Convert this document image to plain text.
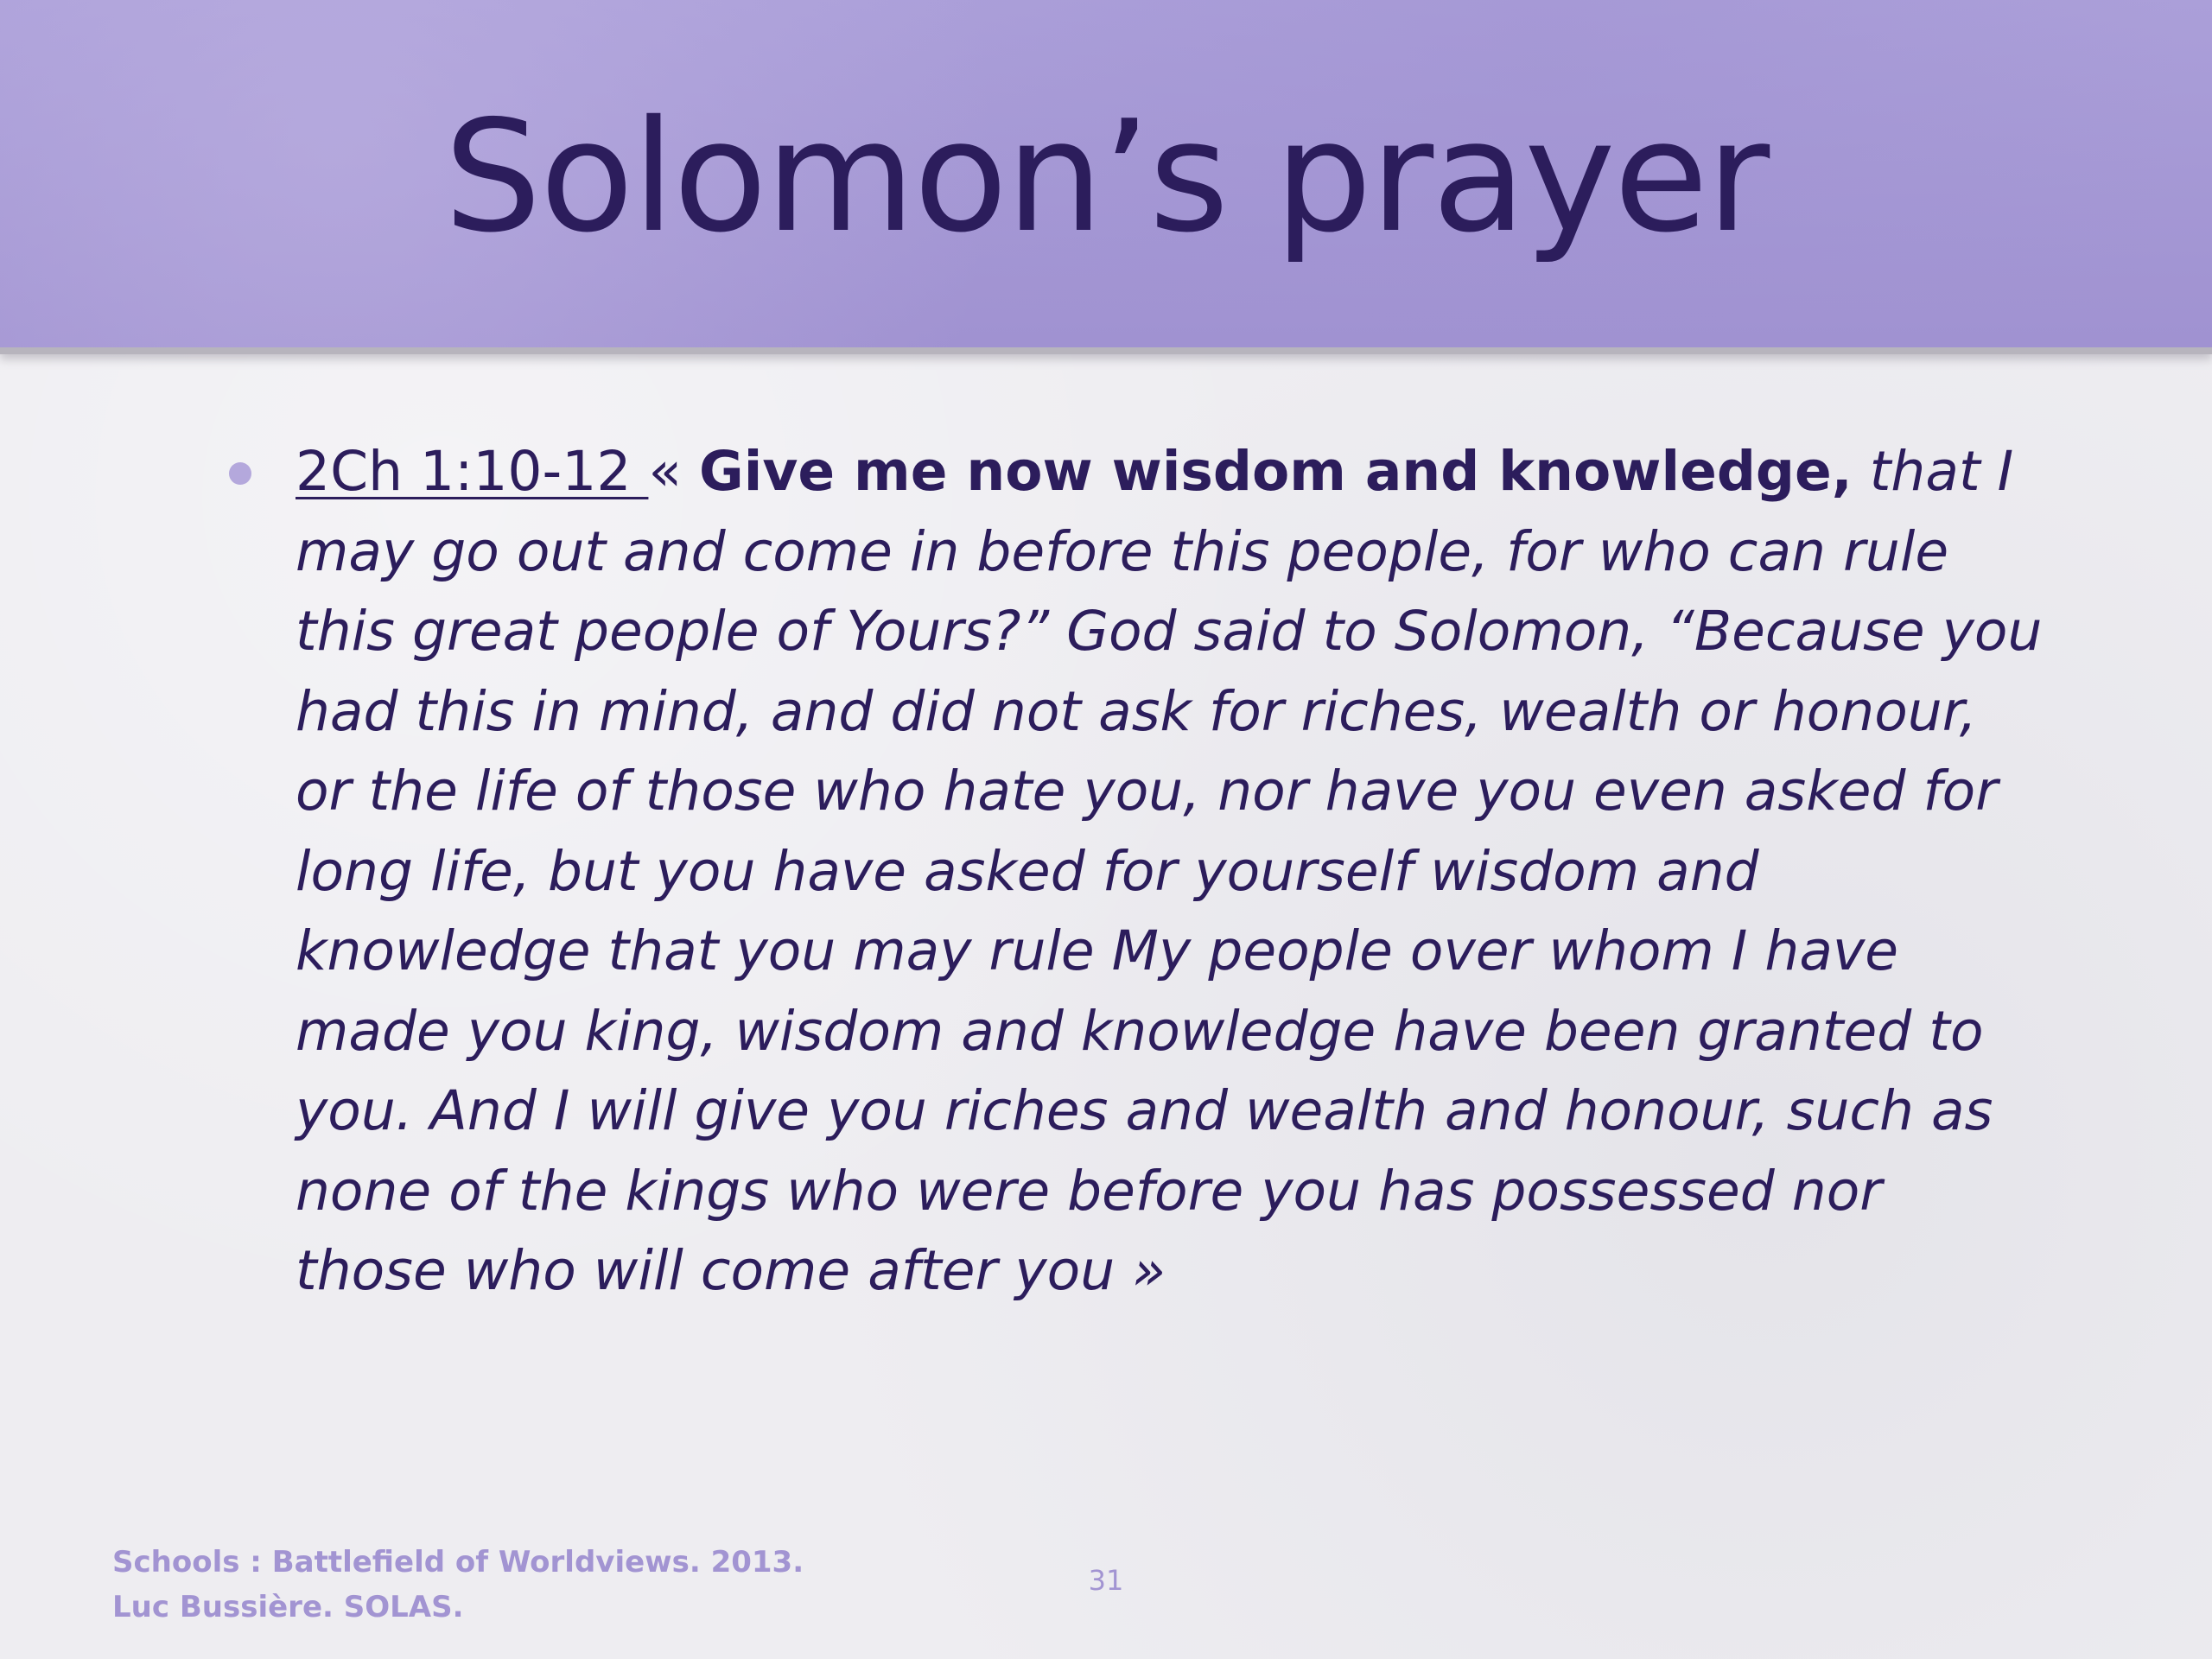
Solomon’s prayer
2Ch 1:10-12 « Give me now wisdom and knowledge, that I may go out and come in before this people, for who can rule this great people of Yours?” God said to Solomon, “Because you had this in mind, and did not ask for riches, wealth or honour, or the life of those who hate you, nor have you even asked for long life, but you have asked for yourself wisdom and knowledge that you may rule My people over whom I have made you king, wisdom and knowledge have been granted to you. And I will give you riches and wealth and honour, such as none of the kings who were before you has possessed nor those who will come after you »
Schools : Battlefield of Worldviews. 2013.
Luc Bussière. SOLAS.
31
